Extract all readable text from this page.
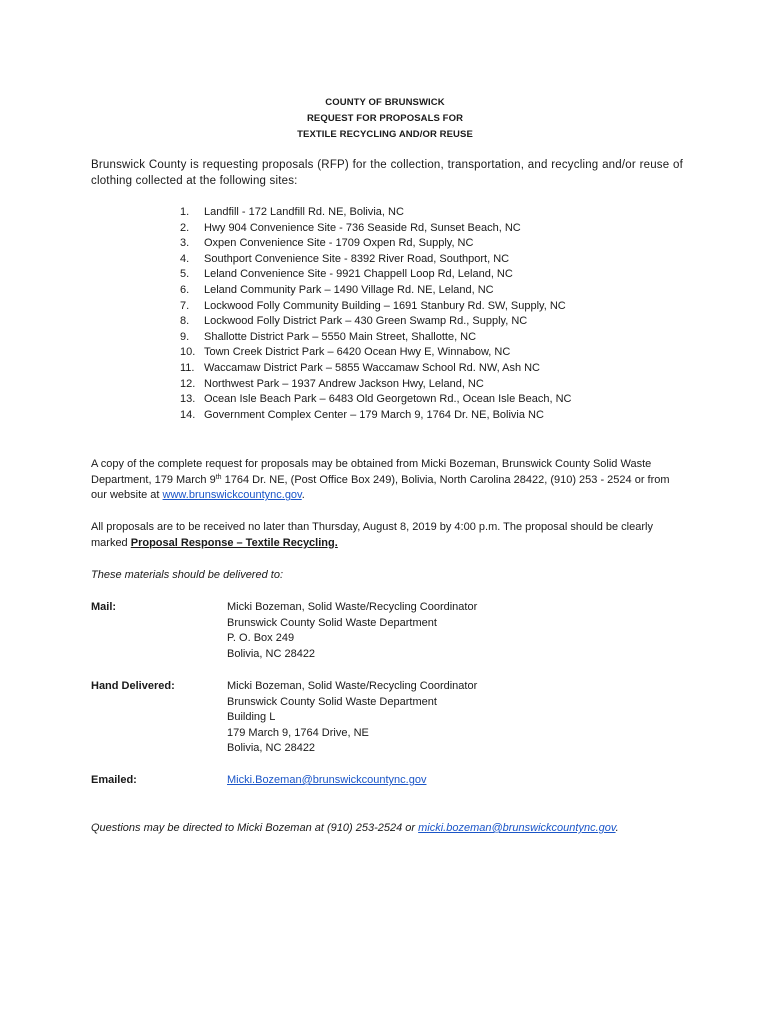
COUNTY OF BRUNSWICK
REQUEST FOR PROPOSALS FOR
TEXTILE RECYCLING AND/OR REUSE
Brunswick County is requesting proposals (RFP) for the collection, transportation, and recycling and/or reuse of clothing collected at the following sites:
1.	Landfill - 172 Landfill Rd. NE, Bolivia, NC
2.	Hwy 904 Convenience Site - 736 Seaside Rd, Sunset Beach, NC
3.	Oxpen Convenience Site - 1709 Oxpen Rd, Supply, NC
4.	Southport Convenience Site - 8392 River Road, Southport, NC
5.	Leland Convenience Site - 9921 Chappell Loop Rd, Leland, NC
6.	Leland Community Park – 1490 Village Rd. NE, Leland, NC
7.	Lockwood Folly Community Building – 1691 Stanbury Rd. SW, Supply, NC
8.	Lockwood Folly District Park – 430 Green Swamp Rd., Supply, NC
9.	Shallotte District Park – 5550 Main Street, Shallotte, NC
10. Town Creek District Park – 6420 Ocean Hwy E, Winnabow, NC
11. Waccamaw District Park – 5855 Waccamaw School Rd. NW, Ash NC
12. Northwest Park – 1937 Andrew Jackson Hwy, Leland, NC
13. Ocean Isle Beach Park – 6483 Old Georgetown Rd., Ocean Isle Beach, NC
14. Government Complex Center – 179 March 9, 1764 Dr. NE, Bolivia NC
A copy of the complete request for proposals may be obtained from Micki Bozeman, Brunswick County Solid Waste Department, 179 March 9th 1764 Dr. NE, (Post Office Box 249), Bolivia, North Carolina 28422, (910) 253 - 2524 or from our website at www.brunswickcountync.gov.
All proposals are to be received no later than Thursday, August 8, 2019 by 4:00 p.m. The proposal should be clearly marked Proposal Response – Textile Recycling.
These materials should be delivered to:
Mail:	Micki Bozeman, Solid Waste/Recycling Coordinator
Brunswick County Solid Waste Department
P. O. Box 249
Bolivia, NC 28422
Hand Delivered:	Micki Bozeman, Solid Waste/Recycling Coordinator
Brunswick County Solid Waste Department
Building L
179 March 9, 1764 Drive, NE
Bolivia, NC 28422
Emailed:	Micki.Bozeman@brunswickcountync.gov
Questions may be directed to Micki Bozeman at (910) 253-2524 or micki.bozeman@brunswickcountync.gov.
